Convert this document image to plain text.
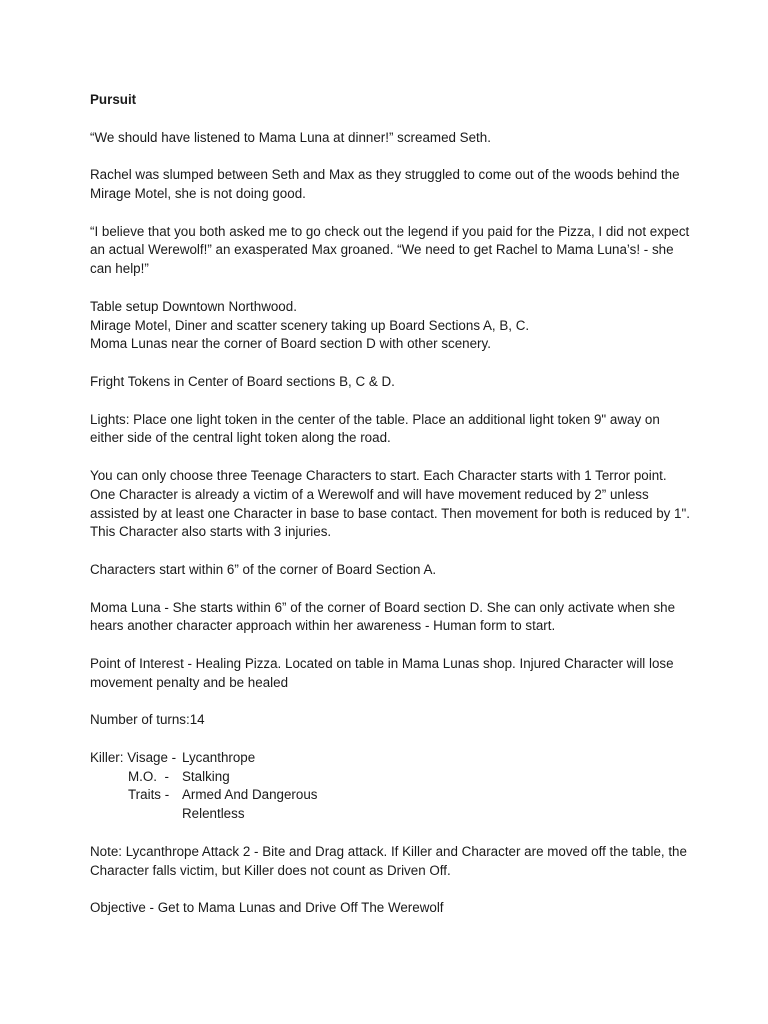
Pursuit

“We should have listened to Mama Luna at dinner!” screamed Seth.

Rachel was slumped between Seth and Max as they struggled to come out of the woods behind the Mirage Motel, she is not doing good.

“I believe that you both asked me to go check out the legend if you paid for the Pizza, I did not expect an actual Werewolf!” an exasperated Max groaned. “We need to get Rachel to Mama Luna’s! - she can help!”

Table setup Downtown Northwood.
Mirage Motel, Diner and scatter scenery taking up Board Sections A, B, C.
Moma Lunas near the corner of Board section D with other scenery.

Fright Tokens in Center of Board sections B, C & D.

Lights: Place one light token in the center of the table. Place an additional light token 9" away on either side of the central light token along the road.

You can only choose three Teenage Characters to start. Each Character starts with 1 Terror point. One Character is already a victim of a Werewolf and will have movement reduced by 2” unless assisted by at least one Character in base to base contact. Then movement for both is reduced by 1". This Character also starts with 3 injuries.

Characters start within 6” of the corner of Board Section A.

Moma Luna - She starts within 6” of the corner of Board section D. She can only activate when she hears another character approach within her awareness - Human form to start.

Point of Interest - Healing Pizza. Located on table in Mama Lunas shop. Injured Character will lose movement penalty and be healed

Number of turns:14

Killer: Visage - Lycanthrope
M.O.  - Stalking
Traits - Armed And Dangerous
Relentless

Note: Lycanthrope Attack 2 - Bite and Drag attack. If Killer and Character are moved off the table, the Character falls victim, but Killer does not count as Driven Off.

Objective - Get to Mama Lunas and Drive Off The Werewolf
